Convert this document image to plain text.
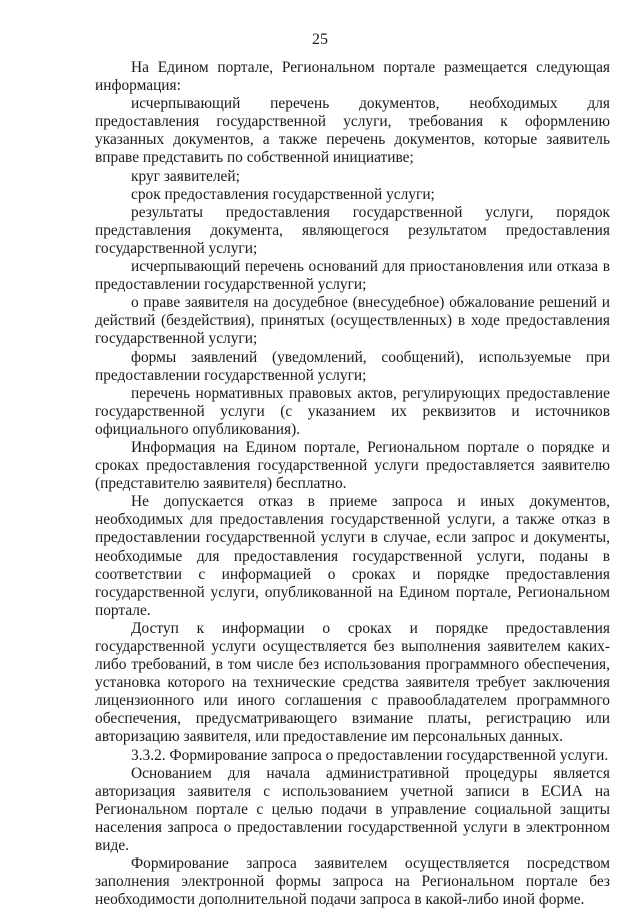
25

На Едином портале, Региональном портале размещается следующая информация:

исчерпывающий перечень документов, необходимых для предоставления государственной услуги, требования к оформлению указанных документов, а также перечень документов, которые заявитель вправе представить по собственной инициативе;

круг заявителей;

срок предоставления государственной услуги;

результаты предоставления государственной услуги, порядок представления документа, являющегося результатом предоставления государственной услуги;

исчерпывающий перечень оснований для приостановления или отказа в предоставлении государственной услуги;

о праве заявителя на досудебное (внесудебное) обжалование решений и действий (бездействия), принятых (осуществленных) в ходе предоставления государственной услуги;

формы заявлений (уведомлений, сообщений), используемые при предоставлении государственной услуги;

перечень нормативных правовых актов, регулирующих предоставление государственной услуги (с указанием их реквизитов и источников официального опубликования).

Информация на Едином портале, Региональном портале о порядке и сроках предоставления государственной услуги предоставляется заявителю (представителю заявителя) бесплатно.

Не допускается отказ в приеме запроса и иных документов, необходимых для предоставления государственной услуги, а также отказ в предоставлении государственной услуги в случае, если запрос и документы, необходимые для предоставления государственной услуги, поданы в соответствии с информацией о сроках и порядке предоставления государственной услуги, опубликованной на Едином портале, Региональном портале.

Доступ к информации о сроках и порядке предоставления государственной услуги осуществляется без выполнения заявителем каких-либо требований, в том числе без использования программного обеспечения, установка которого на технические средства заявителя требует заключения лицензионного или иного соглашения с правообладателем программного обеспечения, предусматривающего взимание платы, регистрацию или авторизацию заявителя, или предоставление им персональных данных.

3.3.2. Формирование запроса о предоставлении государственной услуги.

Основанием для начала административной процедуры является авторизация заявителя с использованием учетной записи в ЕСИА на Региональном портале с целью подачи в управление социальной защиты населения запроса о предоставлении государственной услуги в электронном виде.

Формирование запроса заявителем осуществляется посредством заполнения электронной формы запроса на Региональном портале без необходимости дополнительной подачи запроса в какой-либо иной форме.
